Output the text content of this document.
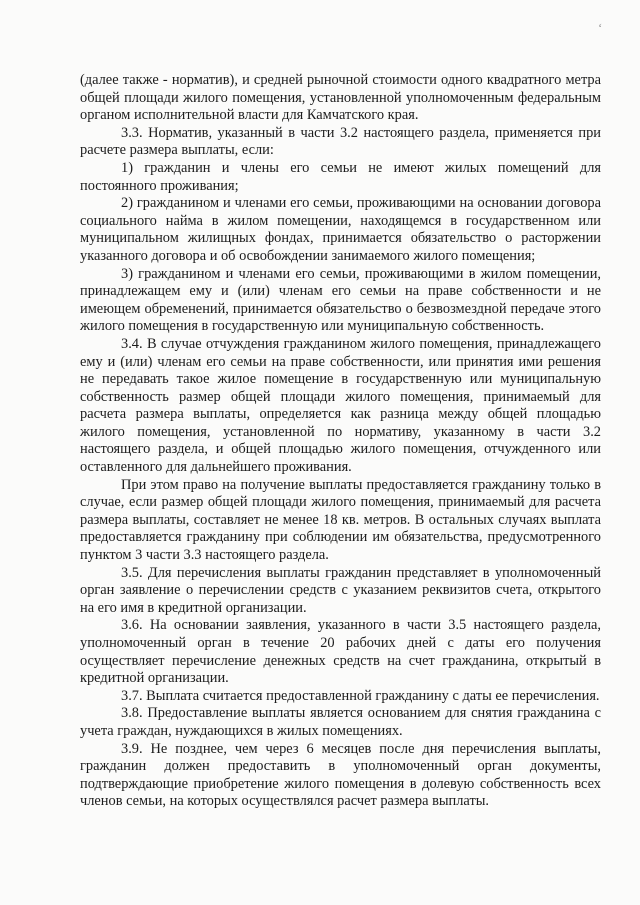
‘

(далее также - норматив), и средней рыночной стоимости одного квадратного метра общей площади жилого помещения, установленной уполномоченным федеральным органом исполнительной власти для Камчатского края.

3.3. Норматив, указанный в части 3.2 настоящего раздела, применяется при расчете размера выплаты, если:

1) гражданин и члены его семьи не имеют жилых помещений для постоянного проживания;

2) гражданином и членами его семьи, проживающими на основании договора социального найма в жилом помещении, находящемся в государственном или муниципальном жилищных фондах, принимается обязательство о расторжении указанного договора и об освобождении занимаемого жилого помещения;

3) гражданином и членами его семьи, проживающими в жилом помещении, принадлежащем ему и (или) членам его семьи на праве собственности и не имеющем обременений, принимается обязательство о безвозмездной передаче этого жилого помещения в государственную или муниципальную собственность.

3.4. В случае отчуждения гражданином жилого помещения, принадлежащего ему и (или) членам его семьи на праве собственности, или принятия ими решения не передавать такое жилое помещение в государственную или муниципальную собственность размер общей площади жилого помещения, принимаемый для расчета размера выплаты, определяется как разница между общей площадью жилого помещения, установленной по нормативу, указанному в части 3.2 настоящего раздела, и общей площадью жилого помещения, отчужденного или оставленного для дальнейшего проживания.

При этом право на получение выплаты предоставляется гражданину только в случае, если размер общей площади жилого помещения, принимаемый для расчета размера выплаты, составляет не менее 18 кв. метров. В остальных случаях выплата предоставляется гражданину при соблюдении им обязательства, предусмотренного пунктом 3 части 3.3 настоящего раздела.

3.5. Для перечисления выплаты гражданин представляет в уполномоченный орган заявление о перечислении средств с указанием реквизитов счета, открытого на его имя в кредитной организации.

3.6. На основании заявления, указанного в части 3.5 настоящего раздела, уполномоченный орган в течение 20 рабочих дней с даты его получения осуществляет перечисление денежных средств на счет гражданина, открытый в кредитной организации.

3.7. Выплата считается предоставленной гражданину с даты ее перечисления.

3.8. Предоставление выплаты является основанием для снятия гражданина с учета граждан, нуждающихся в жилых помещениях.

3.9. Не позднее, чем через 6 месяцев после дня перечисления выплаты, гражданин должен предоставить в уполномоченный орган документы, подтверждающие приобретение жилого помещения в долевую собственность всех членов семьи, на которых осуществлялся расчет размера выплаты.
